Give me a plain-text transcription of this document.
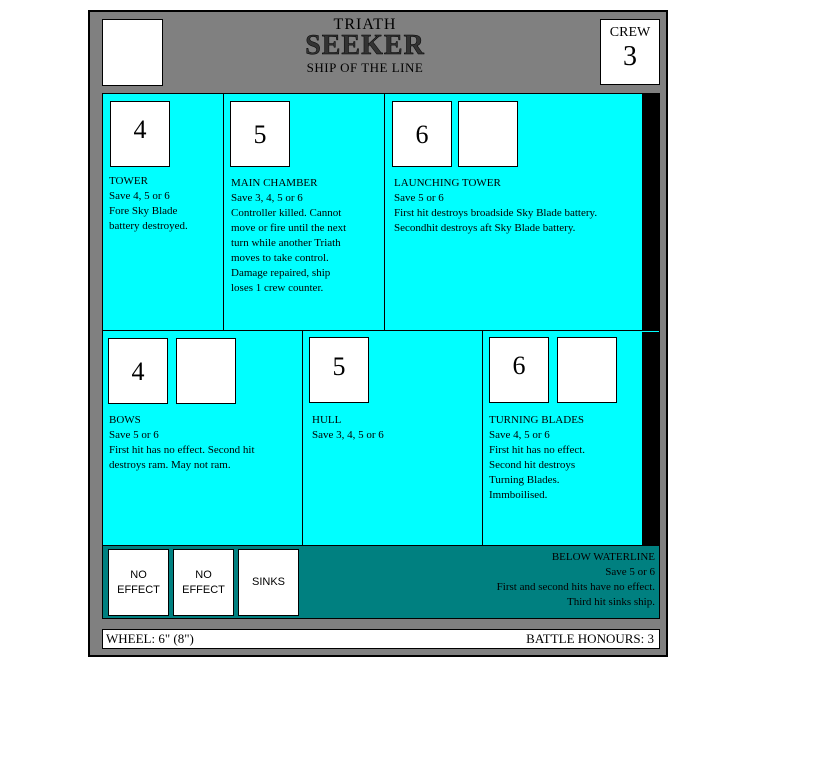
TRIATH
SEEKER
SHIP OF THE LINE
CREW
3
4
TOWER
Save 4, 5 or 6
Fore Sky Blade
battery destroyed.
5
MAIN CHAMBER
Save 3, 4, 5 or 6
Controller killed. Cannot
move or fire until the next
turn while another Triath
moves to take control.
Damage repaired, ship
loses 1 crew counter.
6
LAUNCHING TOWER
Save 5 or 6
First hit destroys broadside Sky Blade battery.
Secondhit destroys aft Sky Blade battery.
4
BOWS
Save 5 or 6
First hit has no effect. Second hit
destroys ram. May not ram.
5
HULL
Save 3, 4, 5 or 6
6
TURNING BLADES
Save 4, 5 or 6
First hit has no effect.
Second hit destroys
Turning Blades.
Immboilised.
NO
EFFECT
NO
EFFECT
SINKS
BELOW WATERLINE
Save 5 or 6
First and second hits have no effect.
Third hit sinks ship.
WHEEL: 6" (8")	BATTLE HONOURS: 3
